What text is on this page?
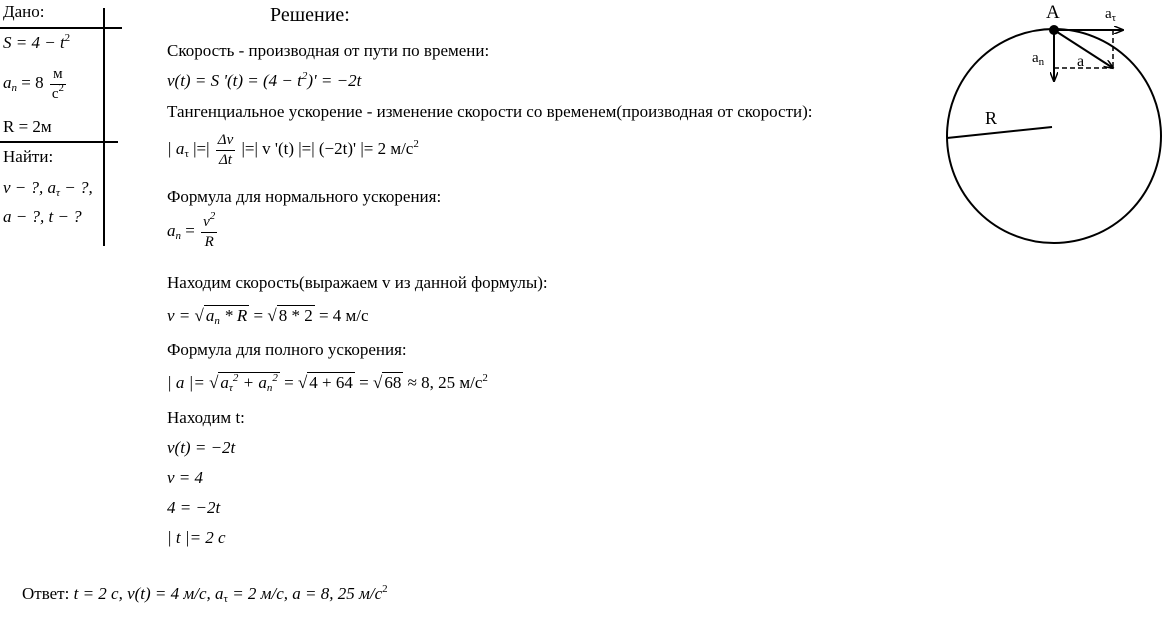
Дано:
$S = 4 - t^2$
$a_n = 8 \frac{м}{с^2}$
R = 2м
Найти:
v − ?, $a_\tau$ − ?,
a − ?, t − ?
Решение:
Скорость - производная от пути по времени:
v(t) = S '$(t) = (4 - t^2)' = -2t$
Тангенциальное ускорение - изменение скорости со временем(производная от скорости):
| $a_\tau$ |=| $\frac{\Delta v}{\Delta t}$ |=| v '(t) |=| (−2t)' |= 2 $м/с^2$
Формула для нормального ускорения:
$a_n = \frac{v^2}{R}$
Находим скорость(выражаем v из данной формулы):
v = √ $a_n$ * R = √ 8 * 2 = 4 м/с
Формула для полного ускорения:
| a |= √ $a_\tau^2 + a_n^2$ = √ 4 + 64 = √ 68 ≈ 8, 25 $м/с^2$
Находим t:
v(t) = −2t
v = 4
4 = −2t
| t |= 2 с
Ответ: t = 2 с, v(t) = 4 м/с, $a_\tau = 2$ м/с, a = 8, 25 $м/с^2$
A	$a_\tau$
$a_n$ a
R
